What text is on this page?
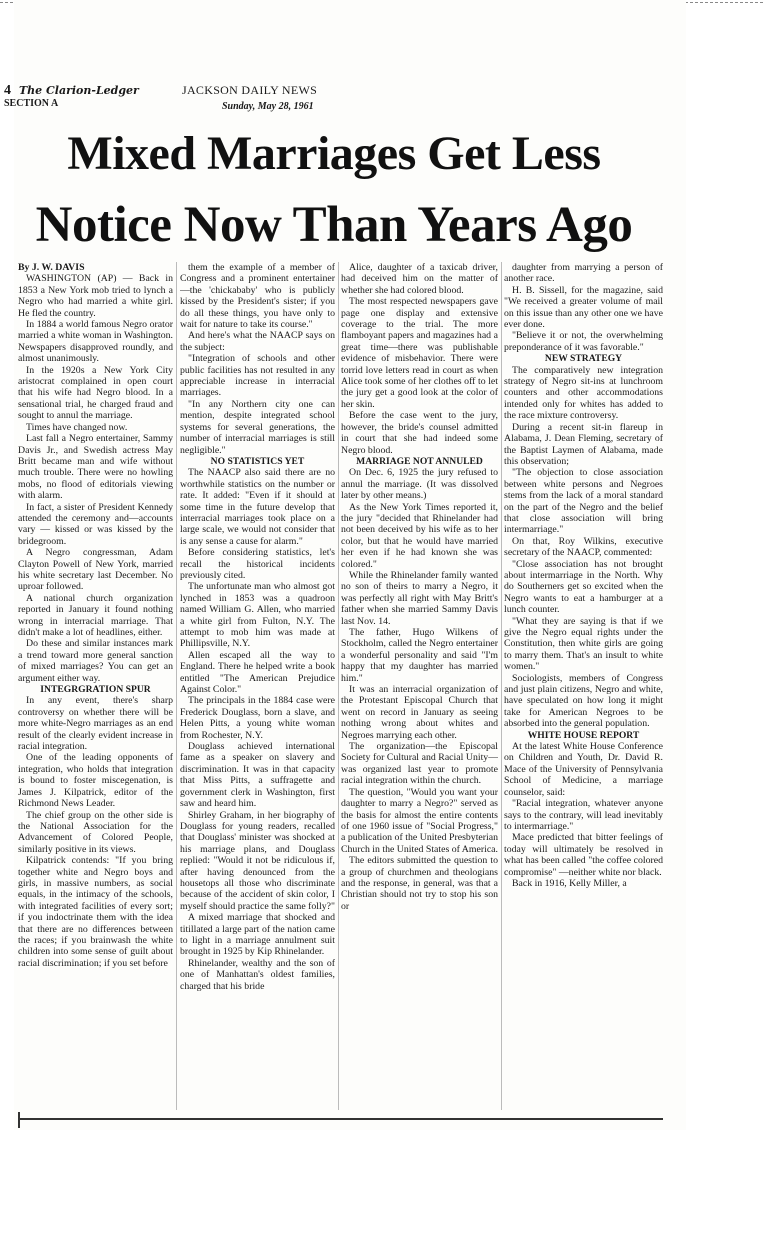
4 The Clarion-Ledger	JACKSON DAILY NEWS
SECTION A	Sunday, May 28, 1961
Mixed Marriages Get Less
Notice Now Than Years Ago

By J. W. DAVIS

WASHINGTON (AP) — Back in 1853 a New York mob tried to lynch a Negro who had married a white girl. He fled the country.

In 1884 a world famous Negro orator married a white woman in Washington. Newspapers disapproved roundly, and almost unanimously.

In the 1920s a New York City aristocrat complained in open court that his wife had Negro blood. In a sensational trial, he charged fraud and sought to annul the marriage.

Times have changed now.

Last fall a Negro entertainer, Sammy Davis Jr., and Swedish actress May Britt became man and wife without much trouble. There were no howling mobs, no flood of editorials viewing with alarm.

In fact, a sister of President Kennedy attended the ceremony and—accounts vary — kissed or was kissed by the bridegroom.

A Negro congressman, Adam Clayton Powell of New York, married his white secretary last December. No uproar followed.

A national church organization reported in January it found nothing wrong in interracial marriage. That didn't make a lot of headlines, either.

Do these and similar instances mark a trend toward more general sanction of mixed marriages? You can get an argument either way.

INTEGRGRATION SPUR

In any event, there's sharp controversy on whether there will be more white-Negro marriages as an end result of the clearly evident increase in racial integration.

One of the leading opponents of integration, who holds that integration is bound to foster miscegenation, is James J. Kilpatrick, editor of the Richmond News Leader.

The chief group on the other side is the National Association for the Advancement of Colored People, similarly positive in its views.

Kilpatrick contends: "If you bring together white and Negro boys and girls, in massive numbers, as social equals, in the intimacy of the schools, with integrated facilities of every sort; if you indoctrinate them with the idea that there are no differences between the races; if you brainwash the white children into some sense of guilt about racial discrimination; if you set before

them the example of a member of Congress and a prominent entertainer—the 'chickababy' who is publicly kissed by the President's sister; if you do all these things, you have only to wait for nature to take its course."

And here's what the NAACP says on the subject:

"Integration of schools and other public facilities has not resulted in any appreciable increase in interracial marriages.

"In any Northern city one can mention, despite integrated school systems for several generations, the number of interracial marriages is still negligible."

NO STATISTICS YET

The NAACP also said there are no worthwhile statistics on the number or rate. It added: "Even if it should at some time in the future develop that interracial marriages took place on a large scale, we would not consider that is any sense a cause for alarm."

Before considering statistics, let's recall the historical incidents previously cited.

The unfortunate man who almost got lynched in 1853 was a quadroon named William G. Allen, who married a white girl from Fulton, N.Y. The attempt to mob him was made at Phillipsville, N.Y.

Allen escaped all the way to England. There he helped write a book entitled "The American Prejudice Against Color."

The principals in the 1884 case were Frederick Douglass, born a slave, and Helen Pitts, a young white woman from Rochester, N.Y.

Douglass achieved international fame as a speaker on slavery and discrimination. It was in that capacity that Miss Pitts, a suffragette and government clerk in Washington, first saw and heard him.

Shirley Graham, in her biography of Douglass for young readers, recalled that Douglass' minister was shocked at his marriage plans, and Douglass replied: "Would it not be ridiculous if, after having denounced from the housetops all those who discriminate because of the accident of skin color, I myself should practice the same folly?"

A mixed marriage that shocked and titillated a large part of the nation came to light in a marriage annulment suit brought in 1925 by Kip Rhinelander.

Rhinelander, wealthy and the son of one of Manhattan's oldest families, charged that his bride

Alice, daughter of a taxicab driver, had deceived him on the matter of whether she had colored blood.

The most respected newspapers gave page one display and extensive coverage to the trial. The more flamboyant papers and magazines had a great time—there was publishable evidence of misbehavior. There were torrid love letters read in court as when Alice took some of her clothes off to let the jury get a good look at the color of her skin.

Before the case went to the jury, however, the bride's counsel admitted in court that she had indeed some Negro blood.

MARRIAGE NOT ANNULED

On Dec. 6, 1925 the jury refused to annul the marriage. (It was dissolved later by other means.)

As the New York Times reported it, the jury "decided that Rhinelander had not been deceived by his wife as to her color, but that he would have married her even if he had known she was colored."

While the Rhinelander family wanted no son of theirs to marry a Negro, it was perfectly all right with May Britt's father when she married Sammy Davis last Nov. 14.

The father, Hugo Wilkens of Stockholm, called the Negro entertainer a wonderful personality and said "I'm happy that my daughter has married him."

It was an interracial organization of the Protestant Episcopal Church that went on record in January as seeing nothing wrong about whites and Negroes marrying each other.

The organization—the Episcopal Society for Cultural and Racial Unity—was organized last year to promote racial integration within the church.

The question, "Would you want your daughter to marry a Negro?" served as the basis for almost the entire contents of one 1960 issue of "Social Progress," a publication of the United Presbyterian Church in the United States of America.

The editors submitted the question to a group of churchmen and theologians and the response, in general, was that a Christian should not try to stop his son or

daughter from marrying a person of another race.

H. B. Sissell, for the magazine, said "We received a greater volume of mail on this issue than any other one we have ever done.

"Believe it or not, the overwhelming preponderance of it was favorable."

NEW STRATEGY

The comparatively new integration strategy of Negro sit-ins at lunchroom counters and other accommodations intended only for whites has added to the race mixture controversy.

During a recent sit-in flareup in Alabama, J. Dean Fleming, secretary of the Baptist Laymen of Alabama, made this observation;

"The objection to close association between white persons and Negroes stems from the lack of a moral standard on the part of the Negro and the belief that close association will bring intermarriage."

On that, Roy Wilkins, executive secretary of the NAACP, commented:

"Close association has not brought about intermarriage in the North. Why do Southerners get so excited when the Negro wants to eat a hamburger at a lunch counter.

"What they are saying is that if we give the Negro equal rights under the Constitution, then white girls are going to marry them. That's an insult to white women."

Sociologists, members of Congress and just plain citizens, Negro and white, have speculated on how long it might take for American Negroes to be absorbed into the general population.

WHITE HOUSE REPORT

At the latest White House Conference on Children and Youth, Dr. David R. Mace of the University of Pennsylvania School of Medicine, a marriage counselor, said:

"Racial integration, whatever anyone says to the contrary, will lead inevitably to intermarriage."

Mace predicted that bitter feelings of today will ultimately be resolved in what has been called "the coffee colored compromise" —neither white nor black.

Back in 1916, Kelly Miller, a
